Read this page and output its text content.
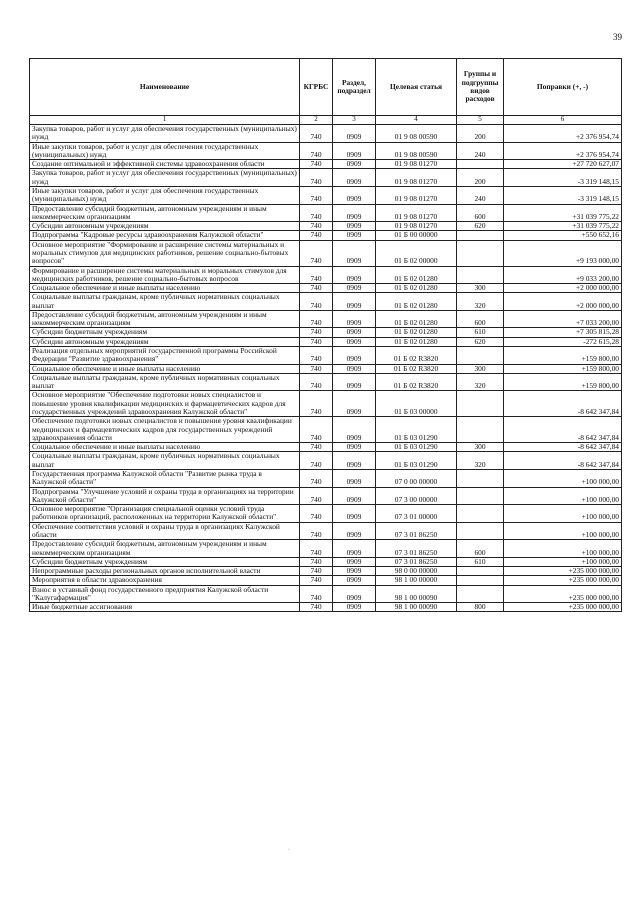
39
Наименование	КГРБС	Раздел, подраздел	Целевая статья	Группы и подгруппы видов расходов	Поправки (+, -)
1	2	3	4	5	6
Закупка товаров, работ и услуг для обеспечения государственных (муниципальных) нужд	740	0909	01 9 08 00590	200	+2 376 954,74
Иные закупки товаров, работ и услуг для обеспечения государственных (муниципальных) нужд	740	0909	01 9 08 00590	240	+2 376 954,74
Создание оптимальной и эффективной системы здравоохранения области	740	0909	01 9 08 01270		+27 720 627,07
Закупка товаров, работ и услуг для обеспечения государственных (муниципальных) нужд	740	0909	01 9 08 01270	200	-3 319 148,15
Иные закупки товаров, работ и услуг для обеспечения государственных (муниципальных) нужд	740	0909	01 9 08 01270	240	-3 319 148,15
Предоставление субсидий бюджетным, автономным учреждениям и иным некоммерческим организациям	740	0909	01 9 08 01270	600	+31 039 775,22
Субсидии автономным учреждениям	740	0909	01 9 08 01270	620	+31 039 775,22
Подпрограмма "Кадровые ресурсы здравоохранения Калужской области"	740	0909	01 Б 00 00000		+550 652,16
Основное мероприятие "Формирование и расширение системы материальных и моральных стимулов для медицинских работников, решение социально-бытовых вопросов"	740	0909	01 Б 02 00000		+9 193 000,00
Формирование и расширение системы материальных и моральных стимулов для медицинских работников, решение социально-бытовых вопросов	740	0909	01 Б 02 01280		+9 033 200,00
Социальное обеспечение и иные выплаты населению	740	0909	01 Б 02 01280	300	+2 000 000,00
Социальные выплаты гражданам, кроме публичных нормативных социальных выплат	740	0909	01 Б 02 01280	320	+2 000 000,00
Предоставление субсидий бюджетным, автономным учреждениям и иным некоммерческим организациям	740	0909	01 Б 02 01280	600	+7 033 200,00
Субсидии бюджетным учреждениям	740	0909	01 Б 02 01280	610	+7 305 815,28
Субсидии автономным учреждениям	740	0909	01 Б 02 01280	620	-272 615,28
Реализация отдельных мероприятий государственной программы Российской Федерации "Развитие здравоохранения"	740	0909	01 Б 02 R3820		+159 800,00
Социальное обеспечение и иные выплаты населению	740	0909	01 Б 02 R3820	300	+159 800,00
Социальные выплаты гражданам, кроме публичных нормативных социальных выплат	740	0909	01 Б 02 R3820	320	+159 800,00
Основное мероприятие "Обеспечение подготовки новых специалистов и повышение уровня квалификации медицинских и фармацевтических кадров для государственных учреждений здравоохранения Калужской области"	740	0909	01 Б 03 00000		-8 642 347,84
Обеспечение подготовки новых специалистов и повышения уровня квалификации медицинских и фармацевтических кадров для государственных учреждений здравоохранения области	740	0909	01 Б 03 01290		-8 642 347,84
Социальное обеспечение и иные выплаты населению	740	0909	01 Б 03 01290	300	-8 642 347,84
Социальные выплаты гражданам, кроме публичных нормативных социальных выплат	740	0909	01 Б 03 01290	320	-8 642 347,84
Государственная программа Калужской области "Развитие рынка труда в Калужской области"	740	0909	07 0 00 00000		+100 000,00
Подпрограмма "Улучшение условий и охраны труда в организациях на территории Калужской области"	740	0909	07 3 00 00000		+100 000,00
Основное мероприятие "Организация специальной оценки условий труда работников организаций, расположенных на территории Калужской области"	740	0909	07 3 01 00000		+100 000,00
Обеспечение соответствия условий и охраны труда в организациях Калужской области	740	0909	07 3 01 86250		+100 000,00
Предоставление субсидий бюджетным, автономным учреждениям и иным некоммерческим организациям	740	0909	07 3 01 86250	600	+100 000,00
Субсидии бюджетным учреждениям	740	0909	07 3 01 86250	610	+100 000,00
Непрограммные расходы региональных органов исполнительной власти	740	0909	98 0 00 00000		+235 000 000,00
Мероприятия в области здравоохранения	740	0909	98 1 00 00000		+235 000 000,00
Взнос в уставный фонд государственного предприятия Калужской области "Калугафармация"	740	0909	98 1 00 00090		+235 000 000,00
Иные бюджетные ассигнования	740	0909	98 1 00 00090	800	+235 000 000,00
·
